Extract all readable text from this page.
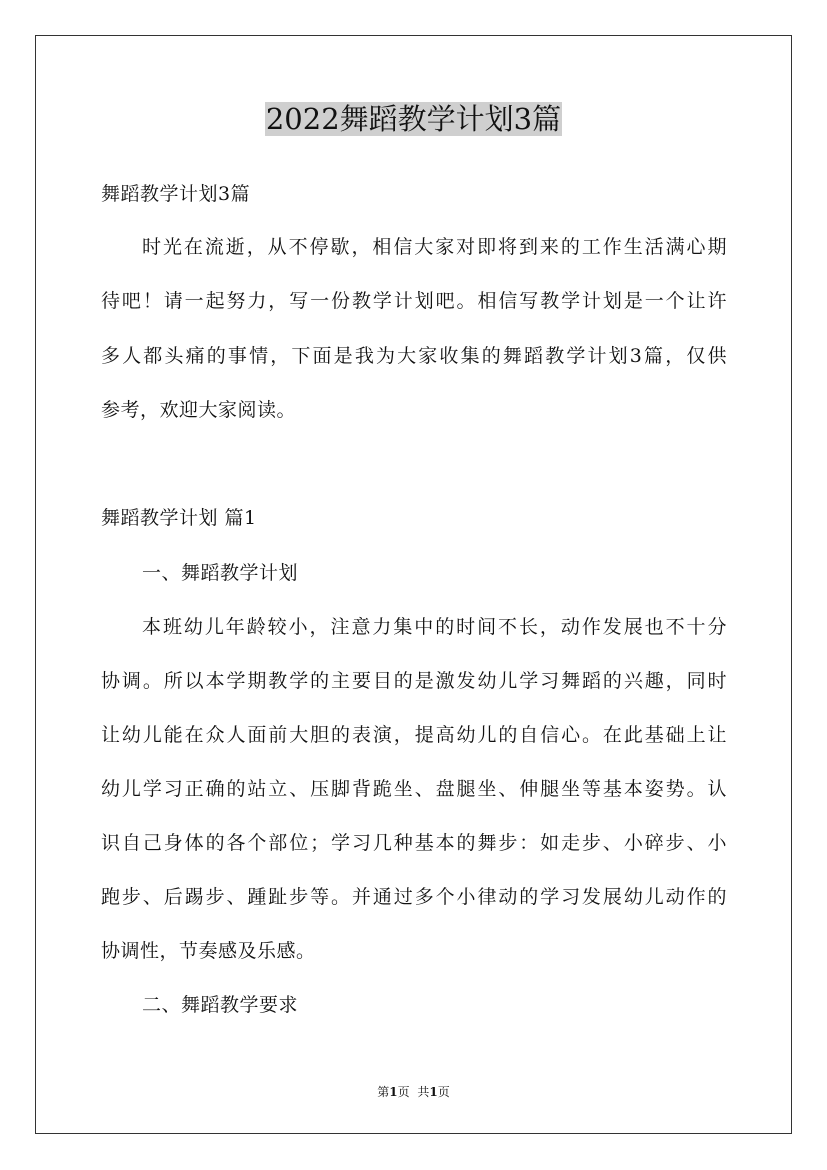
2022舞蹈教学计划3篇
舞蹈教学计划3篇
时光在流逝，从不停歇，相信大家对即将到来的工作生活满心期
待吧！请一起努力，写一份教学计划吧。相信写教学计划是一个让许
多人都头痛的事情，下面是我为大家收集的舞蹈教学计划3篇，仅供
参考，欢迎大家阅读。
舞蹈教学计划 篇1
一、舞蹈教学计划
本班幼儿年龄较小，注意力集中的时间不长，动作发展也不十分
协调。所以本学期教学的主要目的是激发幼儿学习舞蹈的兴趣，同时
让幼儿能在众人面前大胆的表演，提高幼儿的自信心。在此基础上让
幼儿学习正确的站立、压脚背跪坐、盘腿坐、伸腿坐等基本姿势。认
识自己身体的各个部位；学习几种基本的舞步：如走步、小碎步、小
跑步、后踢步、踵趾步等。并通过多个小律动的学习发展幼儿动作的
协调性，节奏感及乐感。
二、舞蹈教学要求
第1页 共1页
